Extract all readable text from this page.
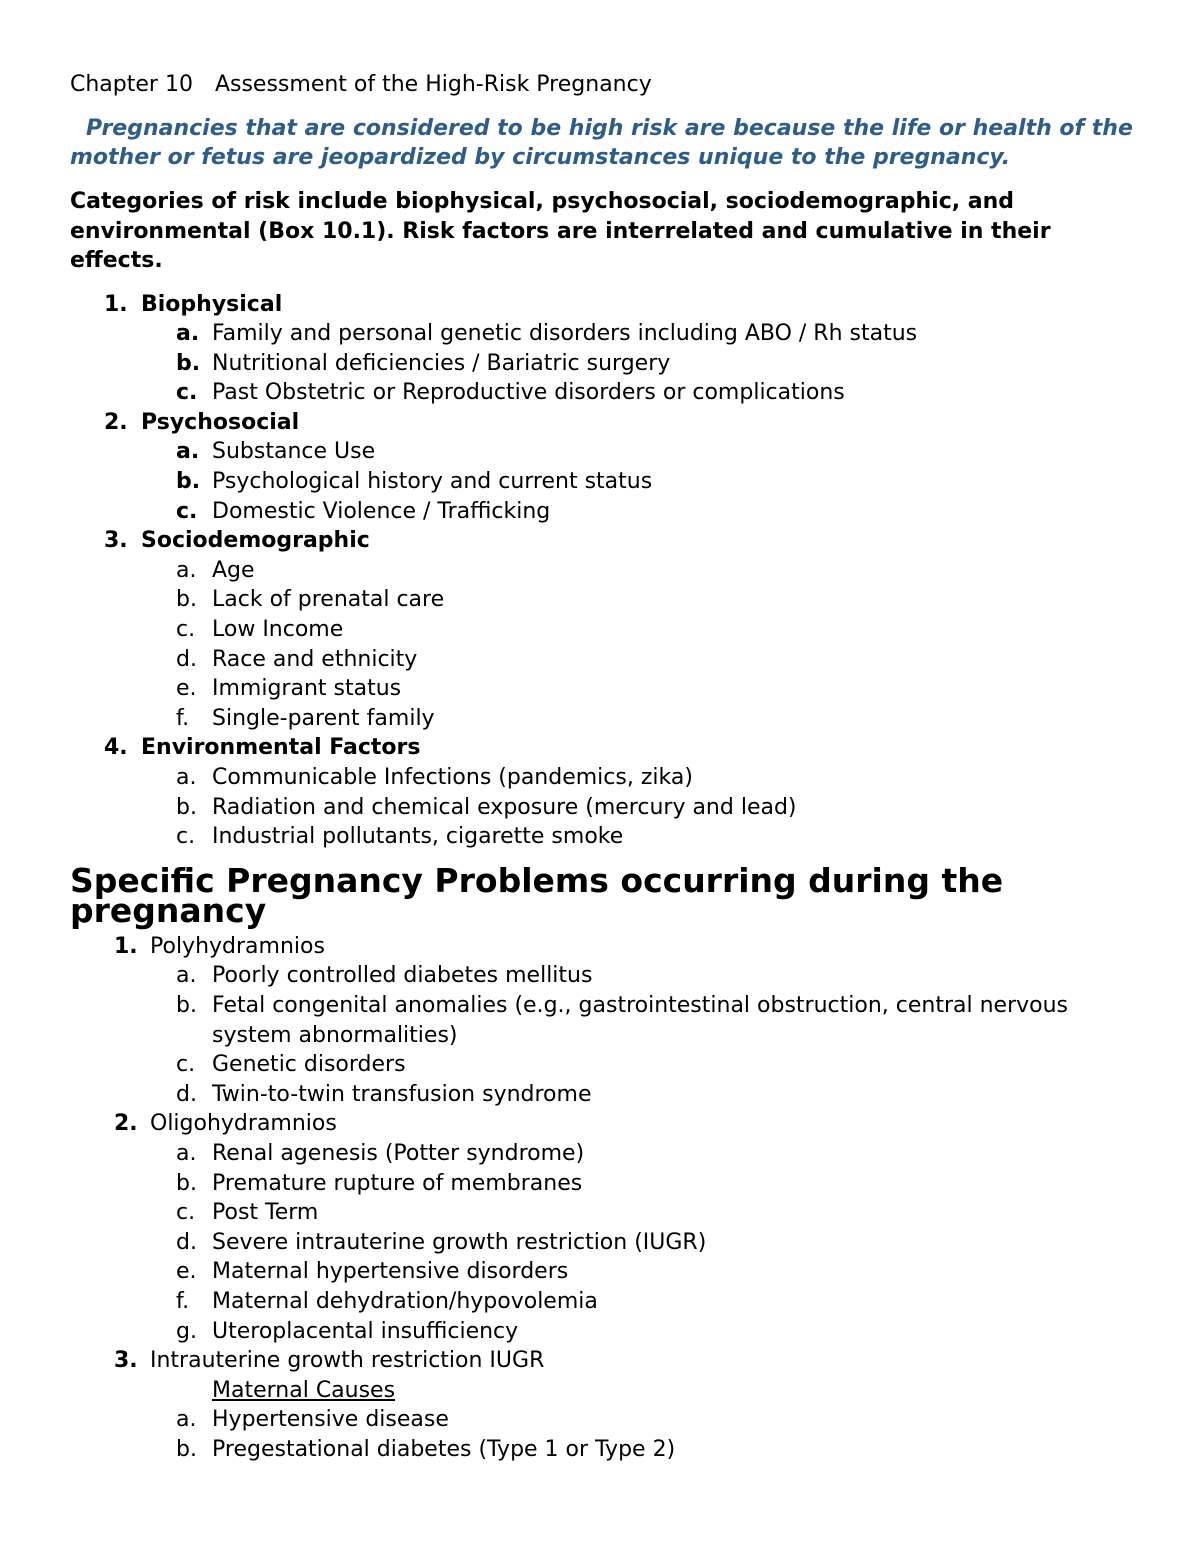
Chapter 10 Assessment of the High-Risk Pregnancy

Pregnancies that are considered to be high risk are because the life or health of the mother or fetus are jeopardized by circumstances unique to the pregnancy.

Categories of risk include biophysical, psychosocial, sociodemographic, and environmental (Box 10.1). Risk factors are interrelated and cumulative in their effects.

1. Biophysical
a. Family and personal genetic disorders including ABO / Rh status
b. Nutritional deficiencies / Bariatric surgery
c. Past Obstetric or Reproductive disorders or complications
2. Psychosocial
a. Substance Use
b. Psychological history and current status
c. Domestic Violence / Trafficking
3. Sociodemographic
a. Age
b. Lack of prenatal care
c. Low Income
d. Race and ethnicity
e. Immigrant status
f.	Single-parent family
4. Environmental Factors
a. Communicable Infections (pandemics, zika)
b. Radiation and chemical exposure (mercury and lead)
c. Industrial pollutants, cigarette smoke
Specific Pregnancy Problems occurring during the pregnancy
1. Polyhydramnios
a. Poorly controlled diabetes mellitus
b. Fetal congenital anomalies (e.g., gastrointestinal obstruction, central nervous system abnormalities)
c. Genetic disorders
d. Twin-to-twin transfusion syndrome
2. Oligohydramnios
a. Renal agenesis (Potter syndrome)
b. Premature rupture of membranes
c. Post Term
d. Severe intrauterine growth restriction (IUGR)
e. Maternal hypertensive disorders
f.	Maternal dehydration/hypovolemia
g. Uteroplacental insufficiency
3. Intrauterine growth restriction IUGR
Maternal Causes
a. Hypertensive disease
b. Pregestational diabetes (Type 1 or Type 2)
